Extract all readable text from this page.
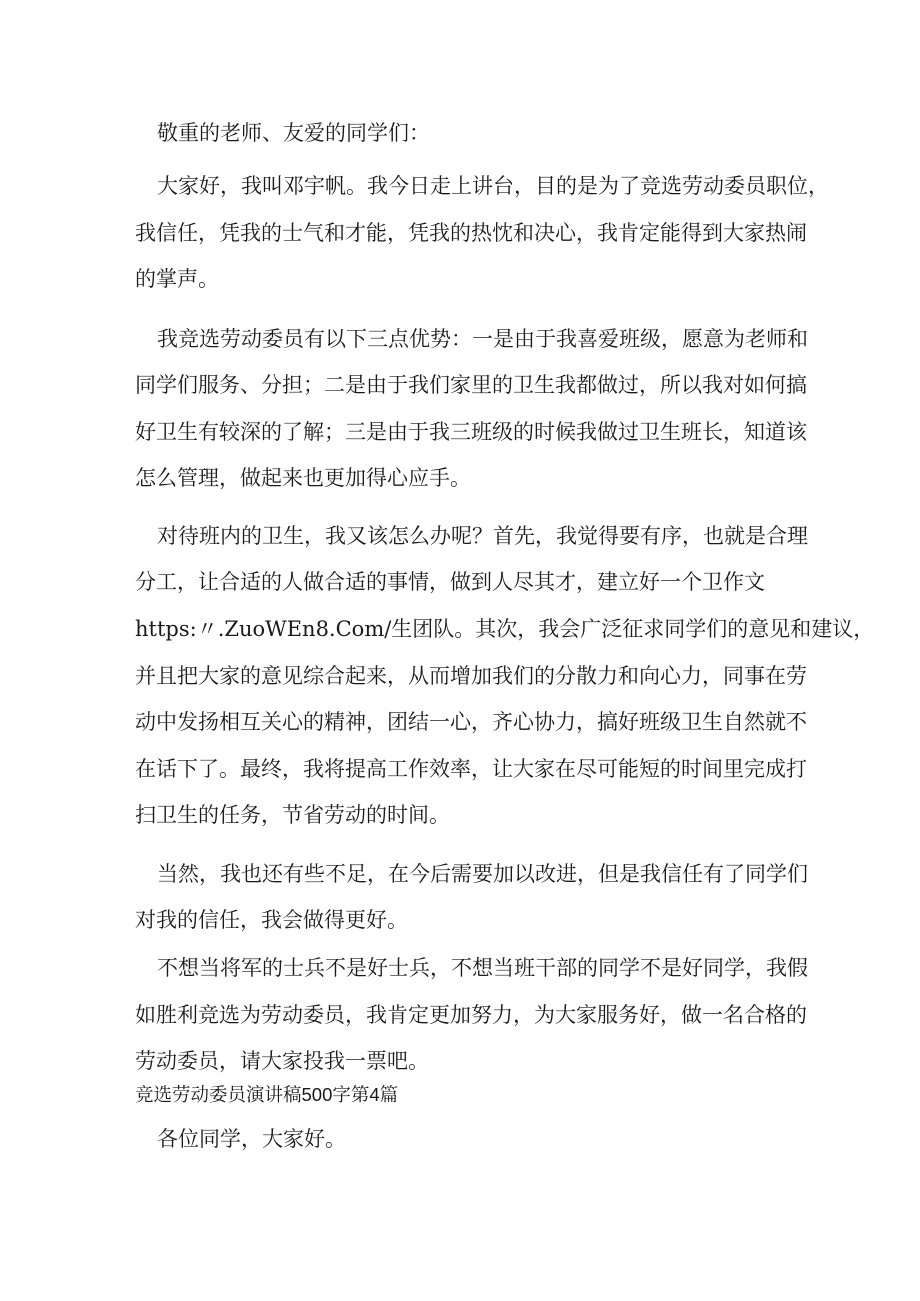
敬重的老师、友爱的同学们：
大家好，我叫邓宇帆。我今日走上讲台，目的是为了竞选劳动委员职位，
我信任，凭我的士气和才能，凭我的热忱和决心，我肯定能得到大家热闹
的掌声。
我竞选劳动委员有以下三点优势：一是由于我喜爱班级，愿意为老师和
同学们服务、分担；二是由于我们家里的卫生我都做过，所以我对如何搞
好卫生有较深的了解；三是由于我三班级的时候我做过卫生班长，知道该
怎么管理，做起来也更加得心应手。
对待班内的卫生，我又该怎么办呢？首先，我觉得要有序，也就是合理
分工，让合适的人做合适的事情，做到人尽其才，建立好一个卫作文
https:〃.ZuoWEn8.Com/生团队。其次，我会广泛征求同学们的意见和建议，
并且把大家的意见综合起来，从而增加我们的分散力和向心力，同事在劳
动中发扬相互关心的精神，团结一心，齐心协力，搞好班级卫生自然就不
在话下了。最终，我将提高工作效率，让大家在尽可能短的时间里完成打
扫卫生的任务，节省劳动的时间。
当然，我也还有些不足，在今后需要加以改进，但是我信任有了同学们
对我的信任，我会做得更好。
不想当将军的士兵不是好士兵，不想当班干部的同学不是好同学，我假
如胜利竞选为劳动委员，我肯定更加努力，为大家服务好，做一名合格的
劳动委员，请大家投我一票吧。
竞选劳动委员演讲稿500字第4篇
各位同学，大家好。
